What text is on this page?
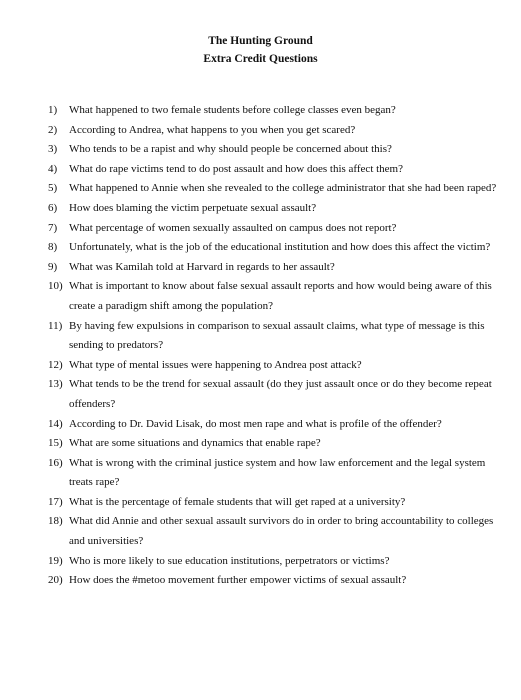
The Hunting Ground

Extra Credit Questions

1) What happened to two female students before college classes even began?
2) According to Andrea, what happens to you when you get scared?
3) Who tends to be a rapist and why should people be concerned about this?
4) What do rape victims tend to do post assault and how does this affect them?
5) What happened to Annie when she revealed to the college administrator that she had been raped?
6) How does blaming the victim perpetuate sexual assault?
7) What percentage of women sexually assaulted on campus does not report?
8) Unfortunately, what is the job of the educational institution and how does this affect the victim?
9) What was Kamilah told at Harvard in regards to her assault?
10) What is important to know about false sexual assault reports and how would being aware of this create a paradigm shift among the population?
11) By having few expulsions in comparison to sexual assault claims, what type of message is this sending to predators?
12) What type of mental issues were happening to Andrea post attack?
13) What tends to be the trend for sexual assault (do they just assault once or do they become repeat offenders?
14) According to Dr. David Lisak, do most men rape and what is profile of the offender?
15) What are some situations and dynamics that enable rape?
16) What is wrong with the criminal justice system and how law enforcement and the legal system treats rape?
17) What is the percentage of female students that will get raped at a university?
18) What did Annie and other sexual assault survivors do in order to bring accountability to colleges and universities?
19) Who is more likely to sue education institutions, perpetrators or victims?
20) How does the #metoo movement further empower victims of sexual assault?
